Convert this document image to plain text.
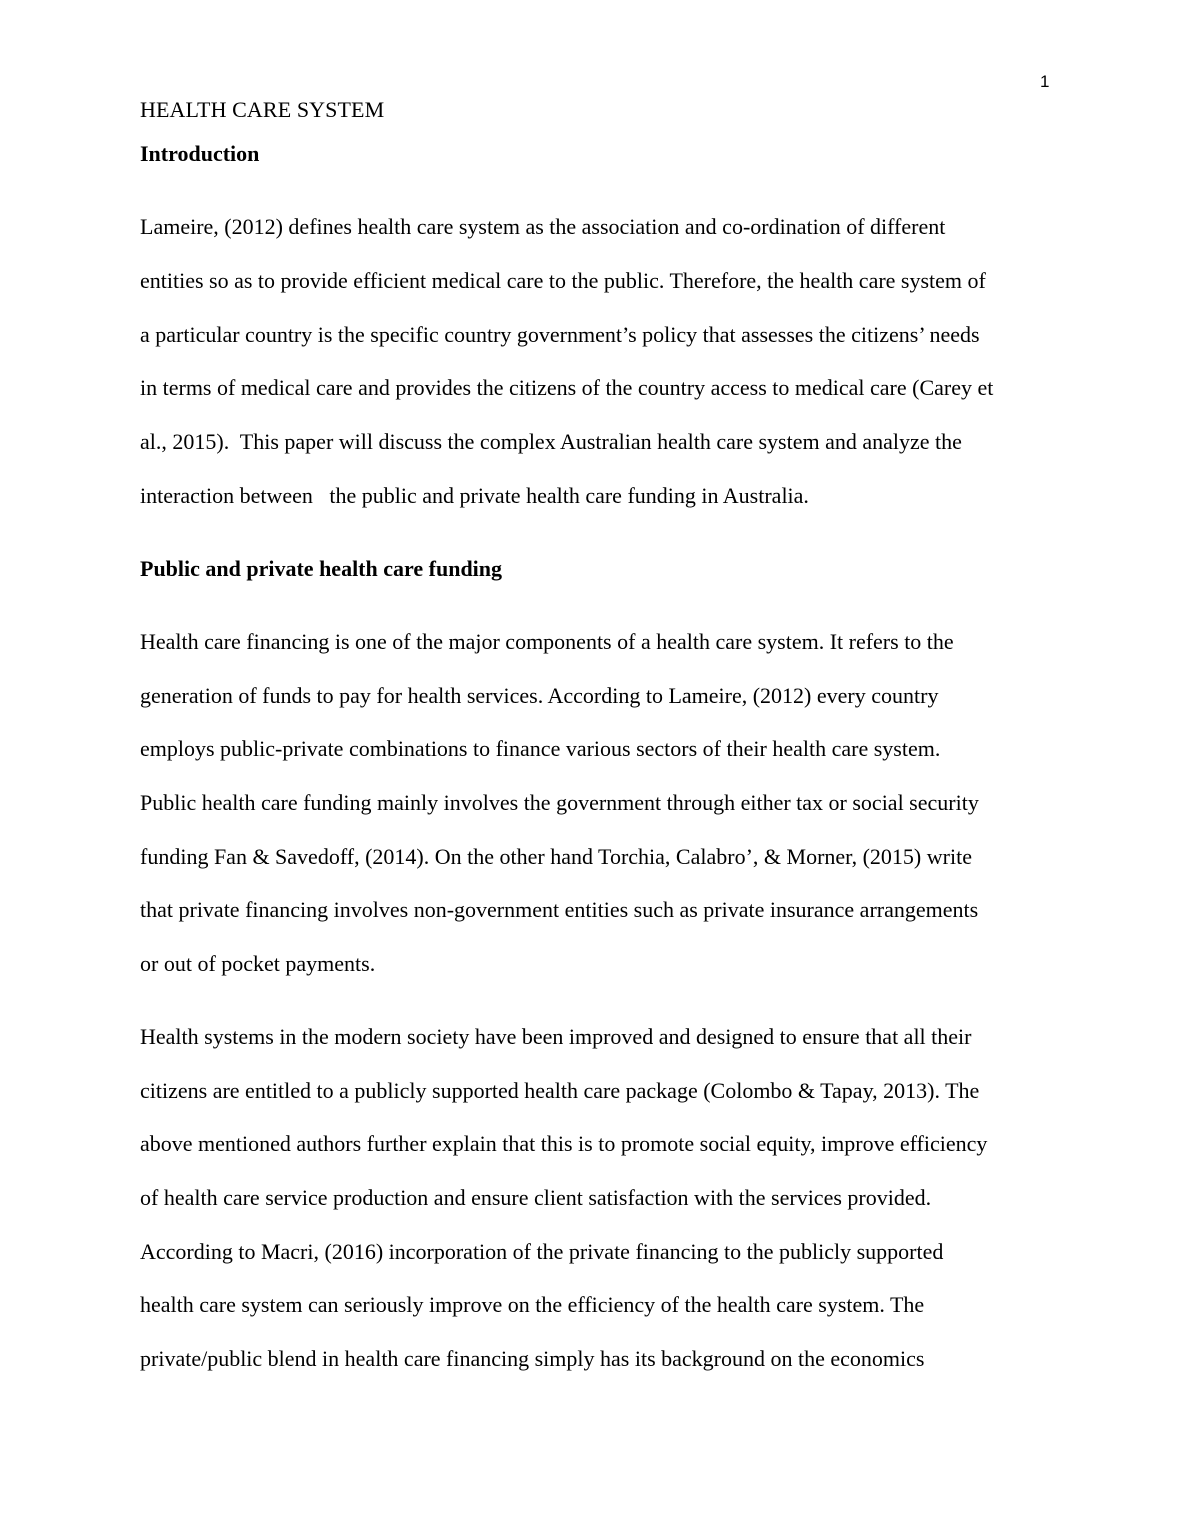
1
HEALTH CARE SYSTEM
Introduction
Lameire, (2012) defines health care system as the association and co-ordination of different
entities so as to provide efficient medical care to the public. Therefore, the health care system of
a particular country is the specific country government’s policy that assesses the citizens’ needs
in terms of medical care and provides the citizens of the country access to medical care (Carey et
al., 2015).  This paper will discuss the complex Australian health care system and analyze the
interaction between   the public and private health care funding in Australia.
Public and private health care funding
Health care financing is one of the major components of a health care system. It refers to the
generation of funds to pay for health services. According to Lameire, (2012) every country
employs public-private combinations to finance various sectors of their health care system.
Public health care funding mainly involves the government through either tax or social security
funding Fan & Savedoff, (2014). On the other hand Torchia, Calabro’, & Morner, (2015) write
that private financing involves non-government entities such as private insurance arrangements
or out of pocket payments.
Health systems in the modern society have been improved and designed to ensure that all their
citizens are entitled to a publicly supported health care package (Colombo & Tapay, 2013). The
above mentioned authors further explain that this is to promote social equity, improve efficiency
of health care service production and ensure client satisfaction with the services provided.
According to Macri, (2016) incorporation of the private financing to the publicly supported
health care system can seriously improve on the efficiency of the health care system. The
private/public blend in health care financing simply has its background on the economics
